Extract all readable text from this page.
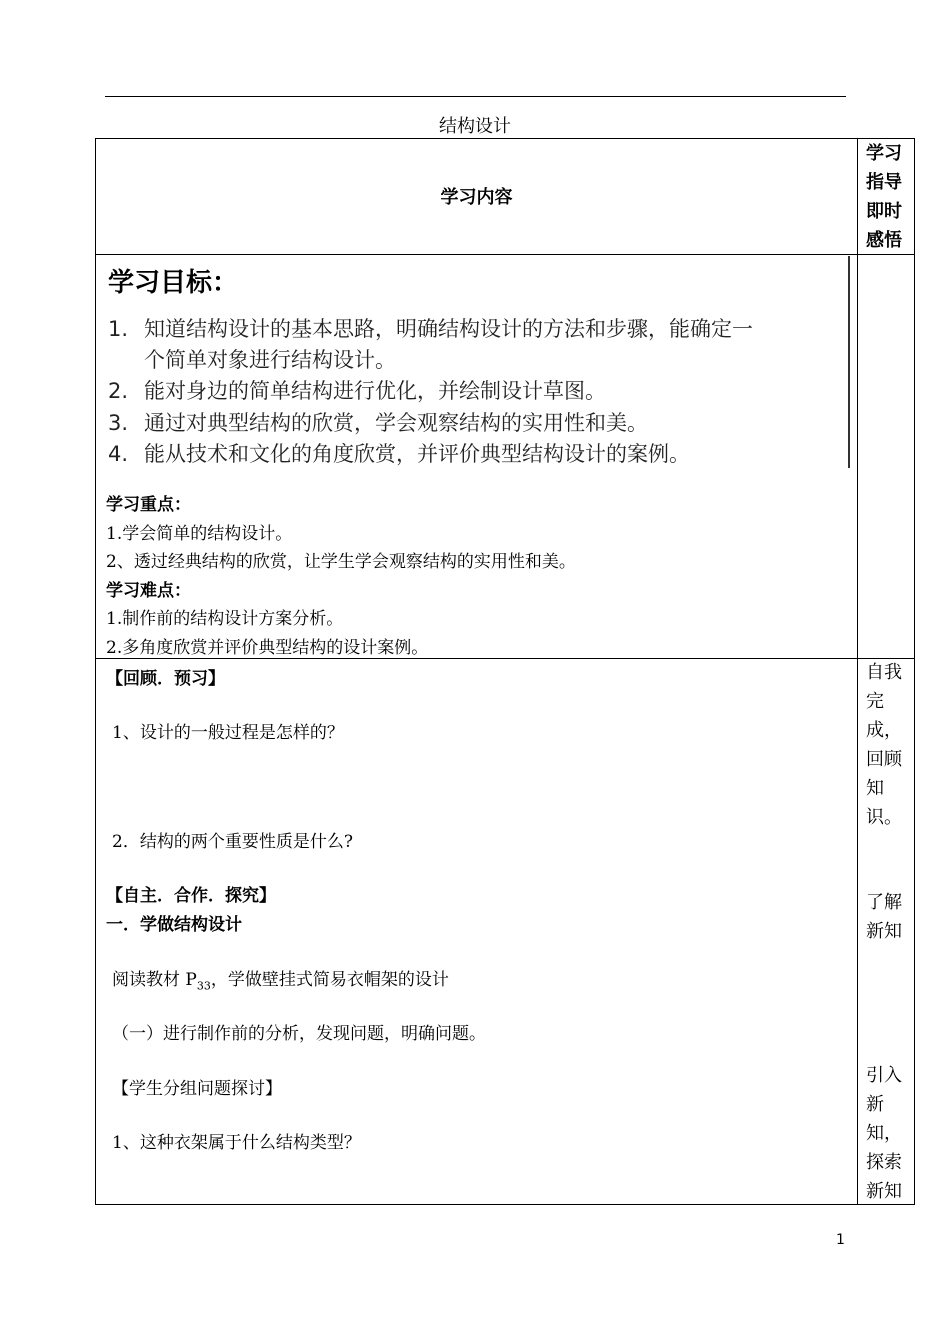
结构设计
学习内容
学习
指导
即时
感悟
学习目标：
1. 知道结构设计的基本思路，明确结构设计的方法和步骤，能确定一
个简单对象进行结构设计。
2. 能对身边的简单结构进行优化，并绘制设计草图。
3. 通过对典型结构的欣赏，学会观察结构的实用性和美。
4. 能从技术和文化的角度欣赏，并评价典型结构设计的案例。
学习重点：
1.学会简单的结构设计。
2、透过经典结构的欣赏，让学生学会观察结构的实用性和美。
学习难点：
1.制作前的结构设计方案分析。
2.多角度欣赏并评价典型结构的设计案例。
【回顾．预习】
1、设计的一般过程是怎样的？
2．结构的两个重要性质是什么?
【自主．合作．探究】
一．学做结构设计
阅读教材 $P_{33}$，学做壁挂式简易衣帽架的设计
（一）进行制作前的分析，发现问题，明确问题。
【学生分组问题探讨】
1、这种衣架属于什么结构类型？
自我
完
成，
回顾
知
识。
了解
新知
引入
新
知，
探索
新知
1
